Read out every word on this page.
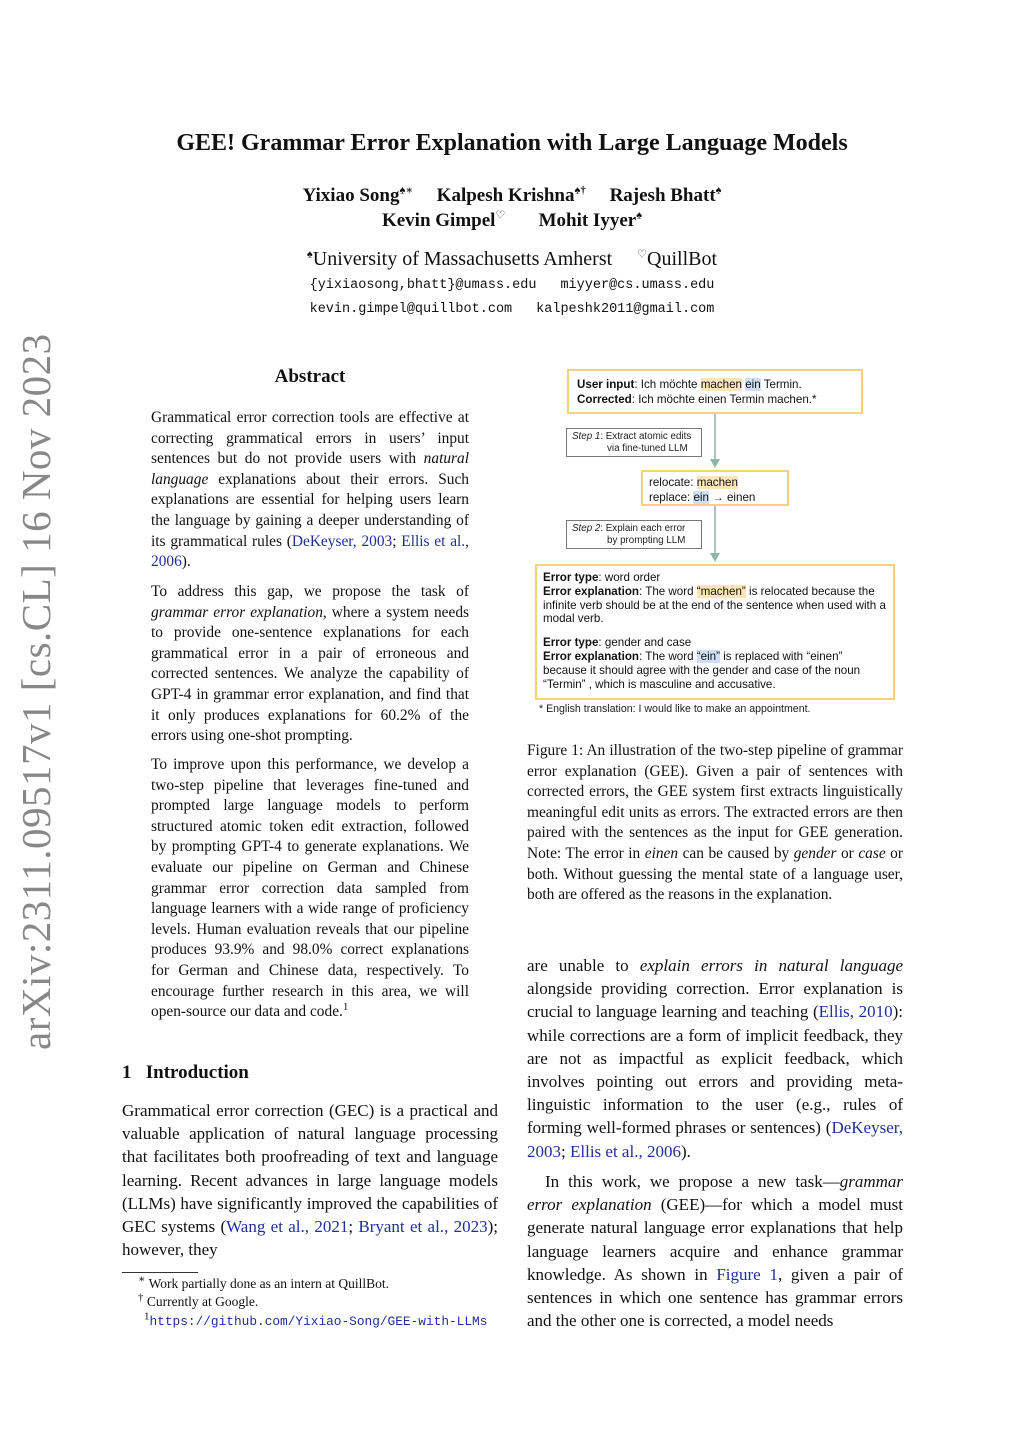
arXiv:2311.09517v1 [cs.CL] 16 Nov 2023
GEE! Grammar Error Explanation with Large Language Models
Yixiao Song♠∗ Kalpesh Krishna♠† Rajesh Bhatt♠
Kevin Gimpel♡ Mohit Iyyer♠
♠University of Massachusetts Amherst ♡QuillBot
{yixiaosong,bhatt}@umass.edu miyyer@cs.umass.edu
kevin.gimpel@quillbot.com kalpeshk2011@gmail.com
Abstract
Grammatical error correction tools are effective at correcting grammatical errors in users’ input sentences but do not provide users with natural language explanations about their errors. Such explanations are essential for helping users learn the language by gaining a deeper understanding of its grammatical rules (DeKeyser, 2003; Ellis et al., 2006).
To address this gap, we propose the task of grammar error explanation, where a system needs to provide one-sentence explanations for each grammatical error in a pair of erroneous and corrected sentences. We analyze the capability of GPT-4 in grammar error explanation, and find that it only produces explanations for 60.2% of the errors using one-shot prompting.
To improve upon this performance, we develop a two-step pipeline that leverages fine-tuned and prompted large language models to perform structured atomic token edit extraction, followed by prompting GPT-4 to generate explanations. We evaluate our pipeline on German and Chinese grammar error correction data sampled from language learners with a wide range of proficiency levels. Human evaluation reveals that our pipeline produces 93.9% and 98.0% correct explanations for German and Chinese data, respectively. To encourage further research in this area, we will open-source our data and code.$^1$
1 Introduction
Grammatical error correction (GEC) is a practical and valuable application of natural language processing that facilitates both proofreading of text and language learning. Recent advances in large language models (LLMs) have significantly improved the capabilities of GEC systems (Wang et al., 2021; Bryant et al., 2023); however, they
∗ Work partially done as an intern at QuillBot.
† Currently at Google.
$^1$https://github.com/Yixiao-Song/GEE-with-LLMs
User input: Ich möchte machen ein Termin.
Corrected: Ich möchte einen Termin machen.*
Step 1: Extract atomic edits
via fine-tuned LLM
relocate: machen
replace: ein → einen
Step 2: Explain each error
by prompting LLM
Error type: word order
Error explanation: The word “machen” is relocated because the infinite verb should be at the end of the sentence when used with a modal verb.
Error type: gender and case
Error explanation: The word “ein” is replaced with “einen” because it should agree with the gender and case of the noun “Termin” , which is masculine and accusative.
* English translation: I would like to make an appointment.
Figure 1: An illustration of the two-step pipeline of grammar error explanation (GEE). Given a pair of sentences with corrected errors, the GEE system first extracts linguistically meaningful edit units as errors. The extracted errors are then paired with the sentences as the input for GEE generation. Note: The error in einen can be caused by gender or case or both. Without guessing the mental state of a language user, both are offered as the reasons in the explanation.
are unable to explain errors in natural language alongside providing correction. Error explanation is crucial to language learning and teaching (Ellis, 2010): while corrections are a form of implicit feedback, they are not as impactful as explicit feedback, which involves pointing out errors and providing meta-linguistic information to the user (e.g., rules of forming well-formed phrases or sentences) (DeKeyser, 2003; Ellis et al., 2006).
In this work, we propose a new task—grammar error explanation (GEE)—for which a model must generate natural language error explanations that help language learners acquire and enhance grammar knowledge. As shown in Figure 1, given a pair of sentences in which one sentence has grammar errors and the other one is corrected, a model needs
